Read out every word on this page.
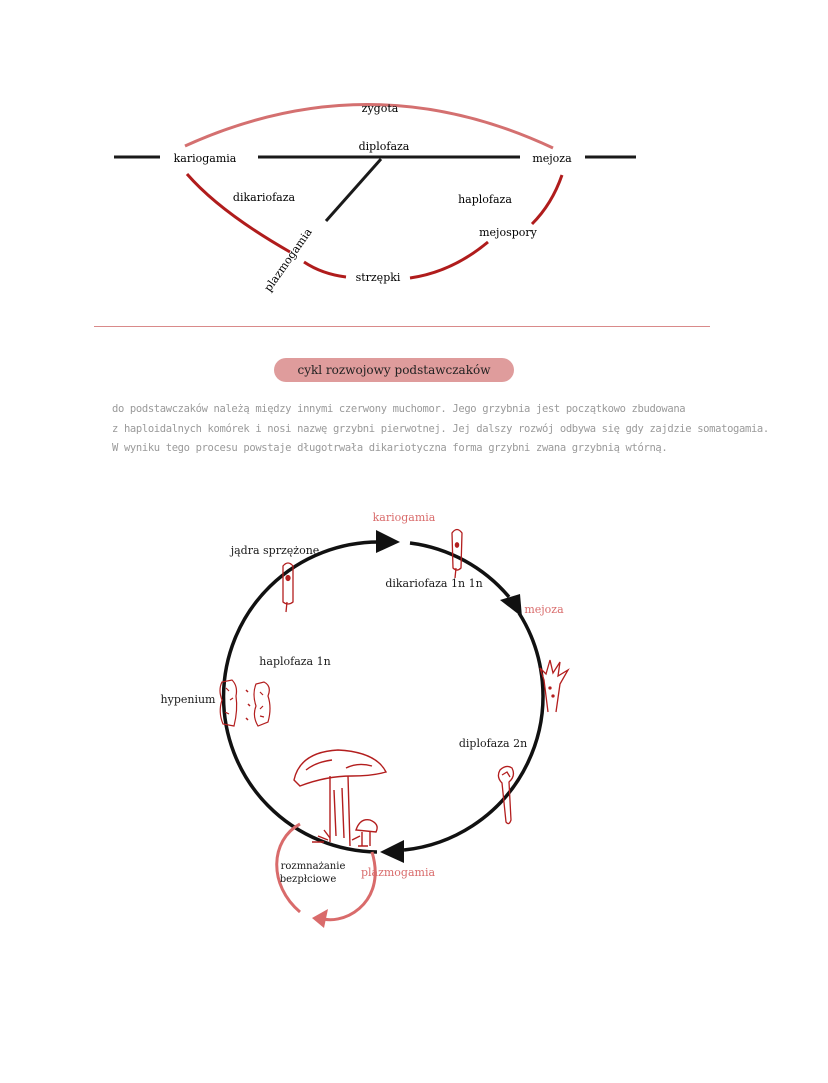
zygota
kariogamia
diplofaza
mejoza
dikariofaza	haplofaza
mejospory
plazmogamia	strzępki
cykl rozwojowy podstawczaków
do podstawczaków należą między innymi czerwony muchomor. Jego grzybnia jest początkowo zbudowana
z haploidalnych komórek i nosi nazwę grzybni pierwotnej. Jej dalszy rozwój odbywa się gdy zajdzie somatogamia.
W wyniku tego procesu powstaje długotrwała dikariotyczna forma grzybni zwana grzybnią wtórną.
kariogamia
jądra sprzężone
dikariofaza 1n 1n
mejoza
haplofaza 1n
hypenium
diplofaza 2n
rozmnażanie
bezpłciowe
plazmogamia
